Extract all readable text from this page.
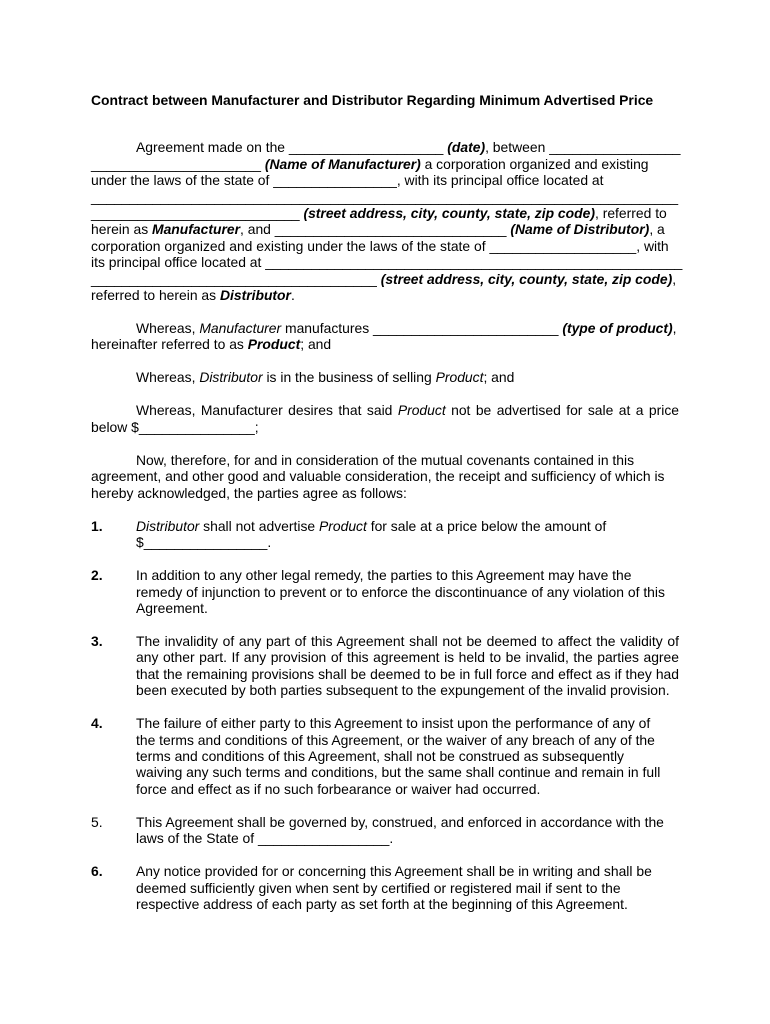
Contract between Manufacturer and Distributor Regarding Minimum Advertised Price
Agreement made on the ____________________ (date), between _________________
______________________ (Name of Manufacturer) a corporation organized and existing
under the laws of the state of ________________, with its principal office located at
____________________________________________________________________________
___________________________ (street address, city, county, state, zip code), referred to
herein as Manufacturer, and ______________________________ (Name of Distributor), a
corporation organized and existing under the laws of the state of ___________________, with
its principal office located at ______________________________________________________
_____________________________________ (street address, city, county, state, zip code),
referred to herein as Distributor.
Whereas, Manufacturer manufactures ________________________ (type of product),
hereinafter referred to as Product; and
Whereas, Distributor is in the business of selling Product; and
Whereas, Manufacturer desires that said Product not be advertised for sale at a price below $_______________;
Now, therefore, for and in consideration of the mutual covenants contained in this agreement, and other good and valuable consideration, the receipt and sufficiency of which is hereby acknowledged, the parties agree as follows:
1. Distributor shall not advertise Product for sale at a price below the amount of
$________________.
2. In addition to any other legal remedy, the parties to this Agreement may have the remedy of injunction to prevent or to enforce the discontinuance of any violation of this Agreement.
3. The invalidity of any part of this Agreement shall not be deemed to affect the validity of any other part. If any provision of this agreement is held to be invalid, the parties agree that the remaining provisions shall be deemed to be in full force and effect as if they had been executed by both parties subsequent to the expungement of the invalid provision.
4. The failure of either party to this Agreement to insist upon the performance of any of the terms and conditions of this Agreement, or the waiver of any breach of any of the terms and conditions of this Agreement, shall not be construed as subsequently waiving any such terms and conditions, but the same shall continue and remain in full force and effect as if no such forbearance or waiver had occurred.
5. This Agreement shall be governed by, construed, and enforced in accordance with the
laws of the State of _________________.
6. Any notice provided for or concerning this Agreement shall be in writing and shall be deemed sufficiently given when sent by certified or registered mail if sent to the respective address of each party as set forth at the beginning of this Agreement.
